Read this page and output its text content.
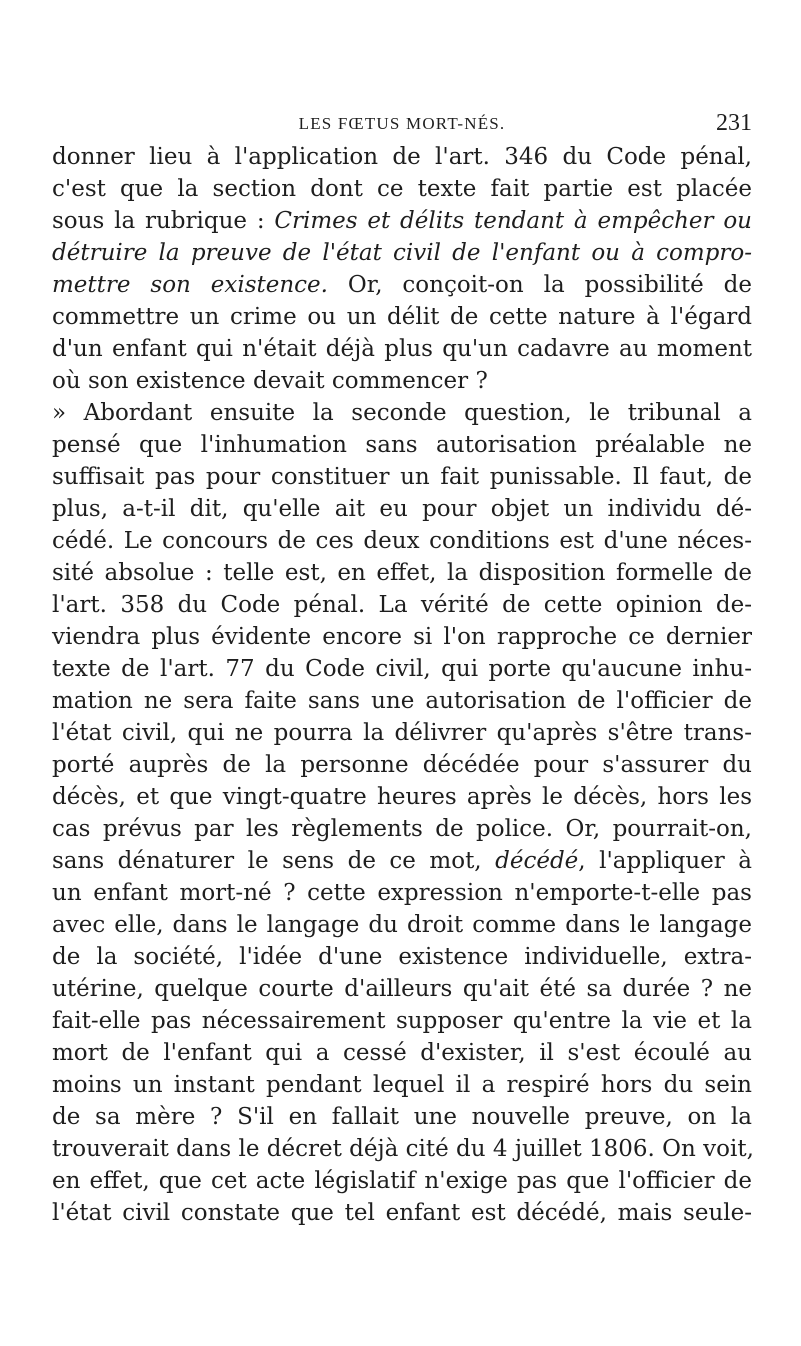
LES FŒTUS MORT-NÉS.	231
donner lieu à l'application de l'art. 346 du Code pénal,
c'est que la section dont ce texte fait partie est placée
sous la rubrique : Crimes et délits tendant à empêcher ou
détruire la preuve de l'état civil de l'enfant ou à compro-
mettre son existence. Or, conçoit-on la possibilité de
commettre un crime ou un délit de cette nature à l'égard
d'un enfant qui n'était déjà plus qu'un cadavre au moment
où son existence devait commencer ?
» Abordant ensuite la seconde question, le tribunal a
pensé que l'inhumation sans autorisation préalable ne
suffisait pas pour constituer un fait punissable. Il faut, de
plus, a-t-il dit, qu'elle ait eu pour objet un individu dé-
cédé. Le concours de ces deux conditions est d'une néces-
sité absolue : telle est, en effet, la disposition formelle de
l'art. 358 du Code pénal. La vérité de cette opinion de-
viendra plus évidente encore si l'on rapproche ce dernier
texte de l'art. 77 du Code civil, qui porte qu'aucune inhu-
mation ne sera faite sans une autorisation de l'officier de
l'état civil, qui ne pourra la délivrer qu'après s'être trans-
porté auprès de la personne décédée pour s'assurer du
décès, et que vingt-quatre heures après le décès, hors les
cas prévus par les règlements de police. Or, pourrait-on,
sans dénaturer le sens de ce mot, décédé, l'appliquer à
un enfant mort-né ? cette expression n'emporte-t-elle pas
avec elle, dans le langage du droit comme dans le langage
de la société, l'idée d'une existence individuelle, extra-
utérine, quelque courte d'ailleurs qu'ait été sa durée ? ne
fait-elle pas nécessairement supposer qu'entre la vie et la
mort de l'enfant qui a cessé d'exister, il s'est écoulé au
moins un instant pendant lequel il a respiré hors du sein
de sa mère ? S'il en fallait une nouvelle preuve, on la
trouverait dans le décret déjà cité du 4 juillet 1806. On voit,
en effet, que cet acte législatif n'exige pas que l'officier de
l'état civil constate que tel enfant est décédé, mais seule-
